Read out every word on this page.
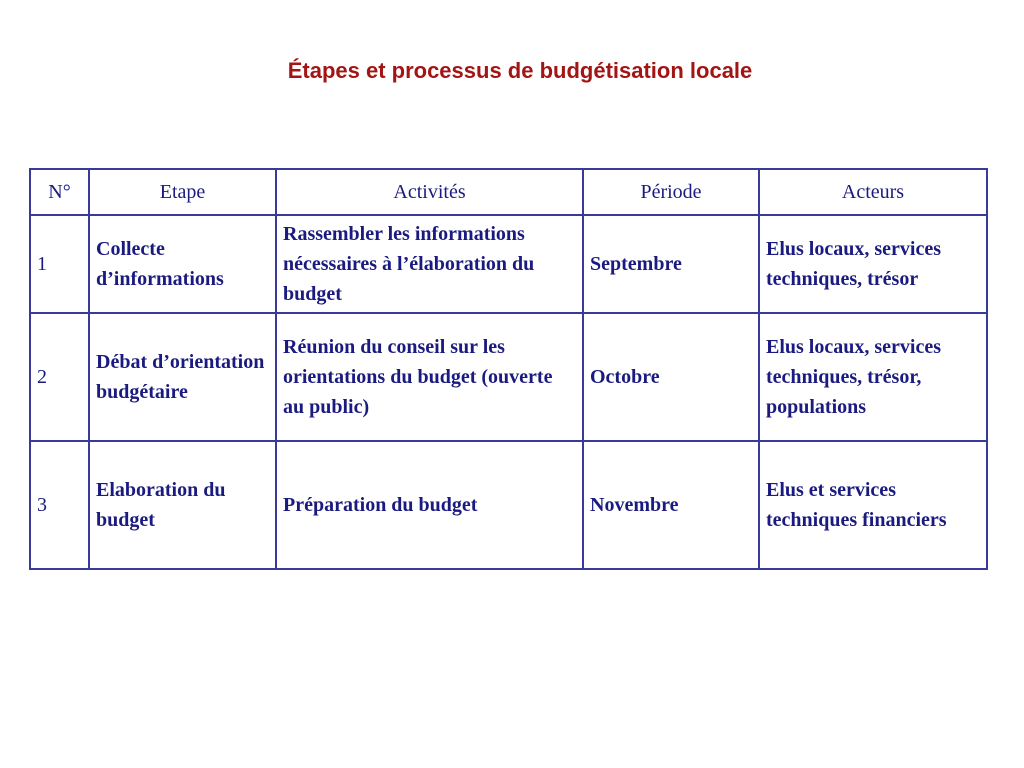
Étapes et processus de budgétisation locale
N°	Etape	Activités	Période	Acteurs
1	Collecte d’informations	Rassembler les informations nécessaires à l’élaboration du budget	Septembre	Elus locaux, services techniques, trésor
2	Débat d’orientation budgétaire	Réunion du conseil sur les orientations du budget (ouverte au public)	Octobre	Elus locaux, services techniques, trésor, populations
3	Elaboration du budget	Préparation du budget	Novembre	Elus et services techniques financiers
